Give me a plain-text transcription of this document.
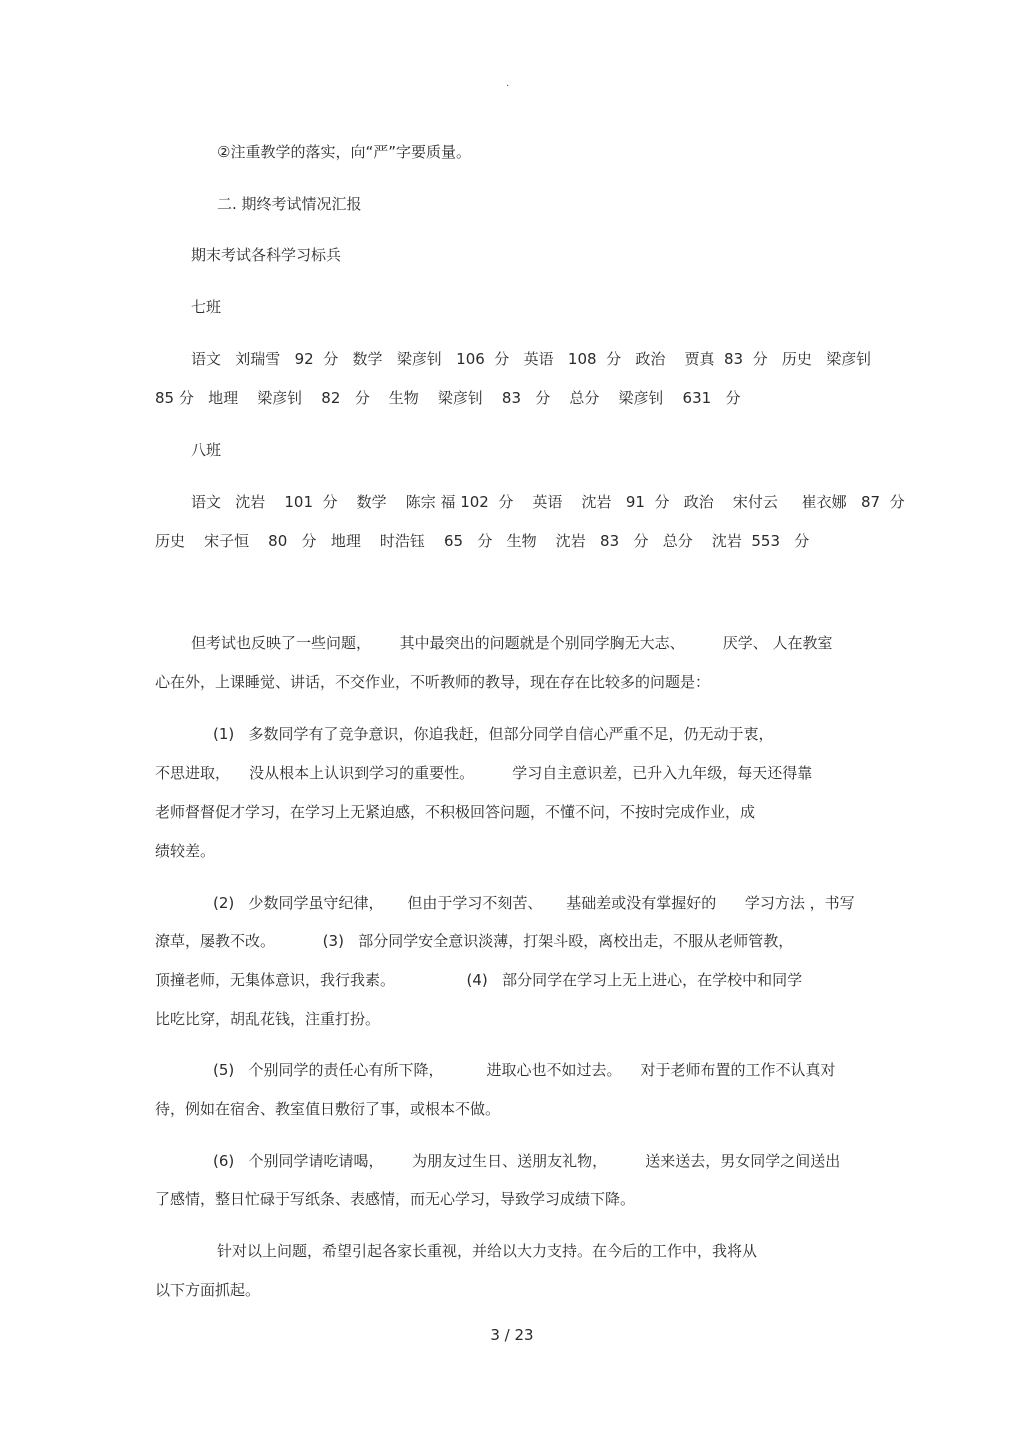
.
②注重教学的落实，向“严”字要质量。
二. 期终考试情况汇报
期末考试各科学习标兵
七班
语文   刘瑞雪   92  分   数学   梁彦钊   106  分   英语   108  分   政治    贾真  83  分   历史   梁彦钊
85 分   地理    梁彦钊    82   分    生物    梁彦钊    83   分    总分    梁彦钊    631   分
八班
语文   沈岩    101  分    数学    陈宗 福 102  分    英语    沈岩   91  分   政治    宋付云     崔衣娜   87  分
历史    宋子恒    80   分   地理    时浩钰    65   分   生物    沈岩   83   分   总分    沈岩  553   分
但考试也反映了一些问题，      其中最突出的问题就是个别同学胸无大志、        厌学、 人在教室
心在外，上课睡觉、讲话，不交作业，不听教师的教导，现在存在比较多的问题是：
(1)   多数同学有了竞争意识，你追我赶，但部分同学自信心严重不足，仍无动于衷，
不思进取，    没从根本上认识到学习的重要性。        学习自主意识差，已升入九年级，每天还得靠
老师督督促才学习，在学习上无紧迫感，不积极回答问题，不懂不问，不按时完成作业，成
绩较差。
(2)   少数同学虽守纪律，     但由于学习不刻苦、     基础差或没有掌握好的      学习方法 ，书写
潦草，屡教不改。          (3)   部分同学安全意识淡薄，打架斗殴，离校出走，不服从老师管教，
顶撞老师，无集体意识，我行我素。               (4)   部分同学在学习上无上进心，在学校中和同学
比吃比穿，胡乱花钱，注重打扮。
(5)   个别同学的责任心有所下降，         进取心也不如过去。    对于老师布置的工作不认真对
待，例如在宿舍、教室值日敷衍了事，或根本不做。
(6)   个别同学请吃请喝，      为朋友过生日、送朋友礼物，        送来送去，男女同学之间送出
了感情，整日忙碌于写纸条、表感情，而无心学习，导致学习成绩下降。
针对以上问题，希望引起各家长重视，并给以大力支持。在今后的工作中，我将从
以下方面抓起。
3 / 23
